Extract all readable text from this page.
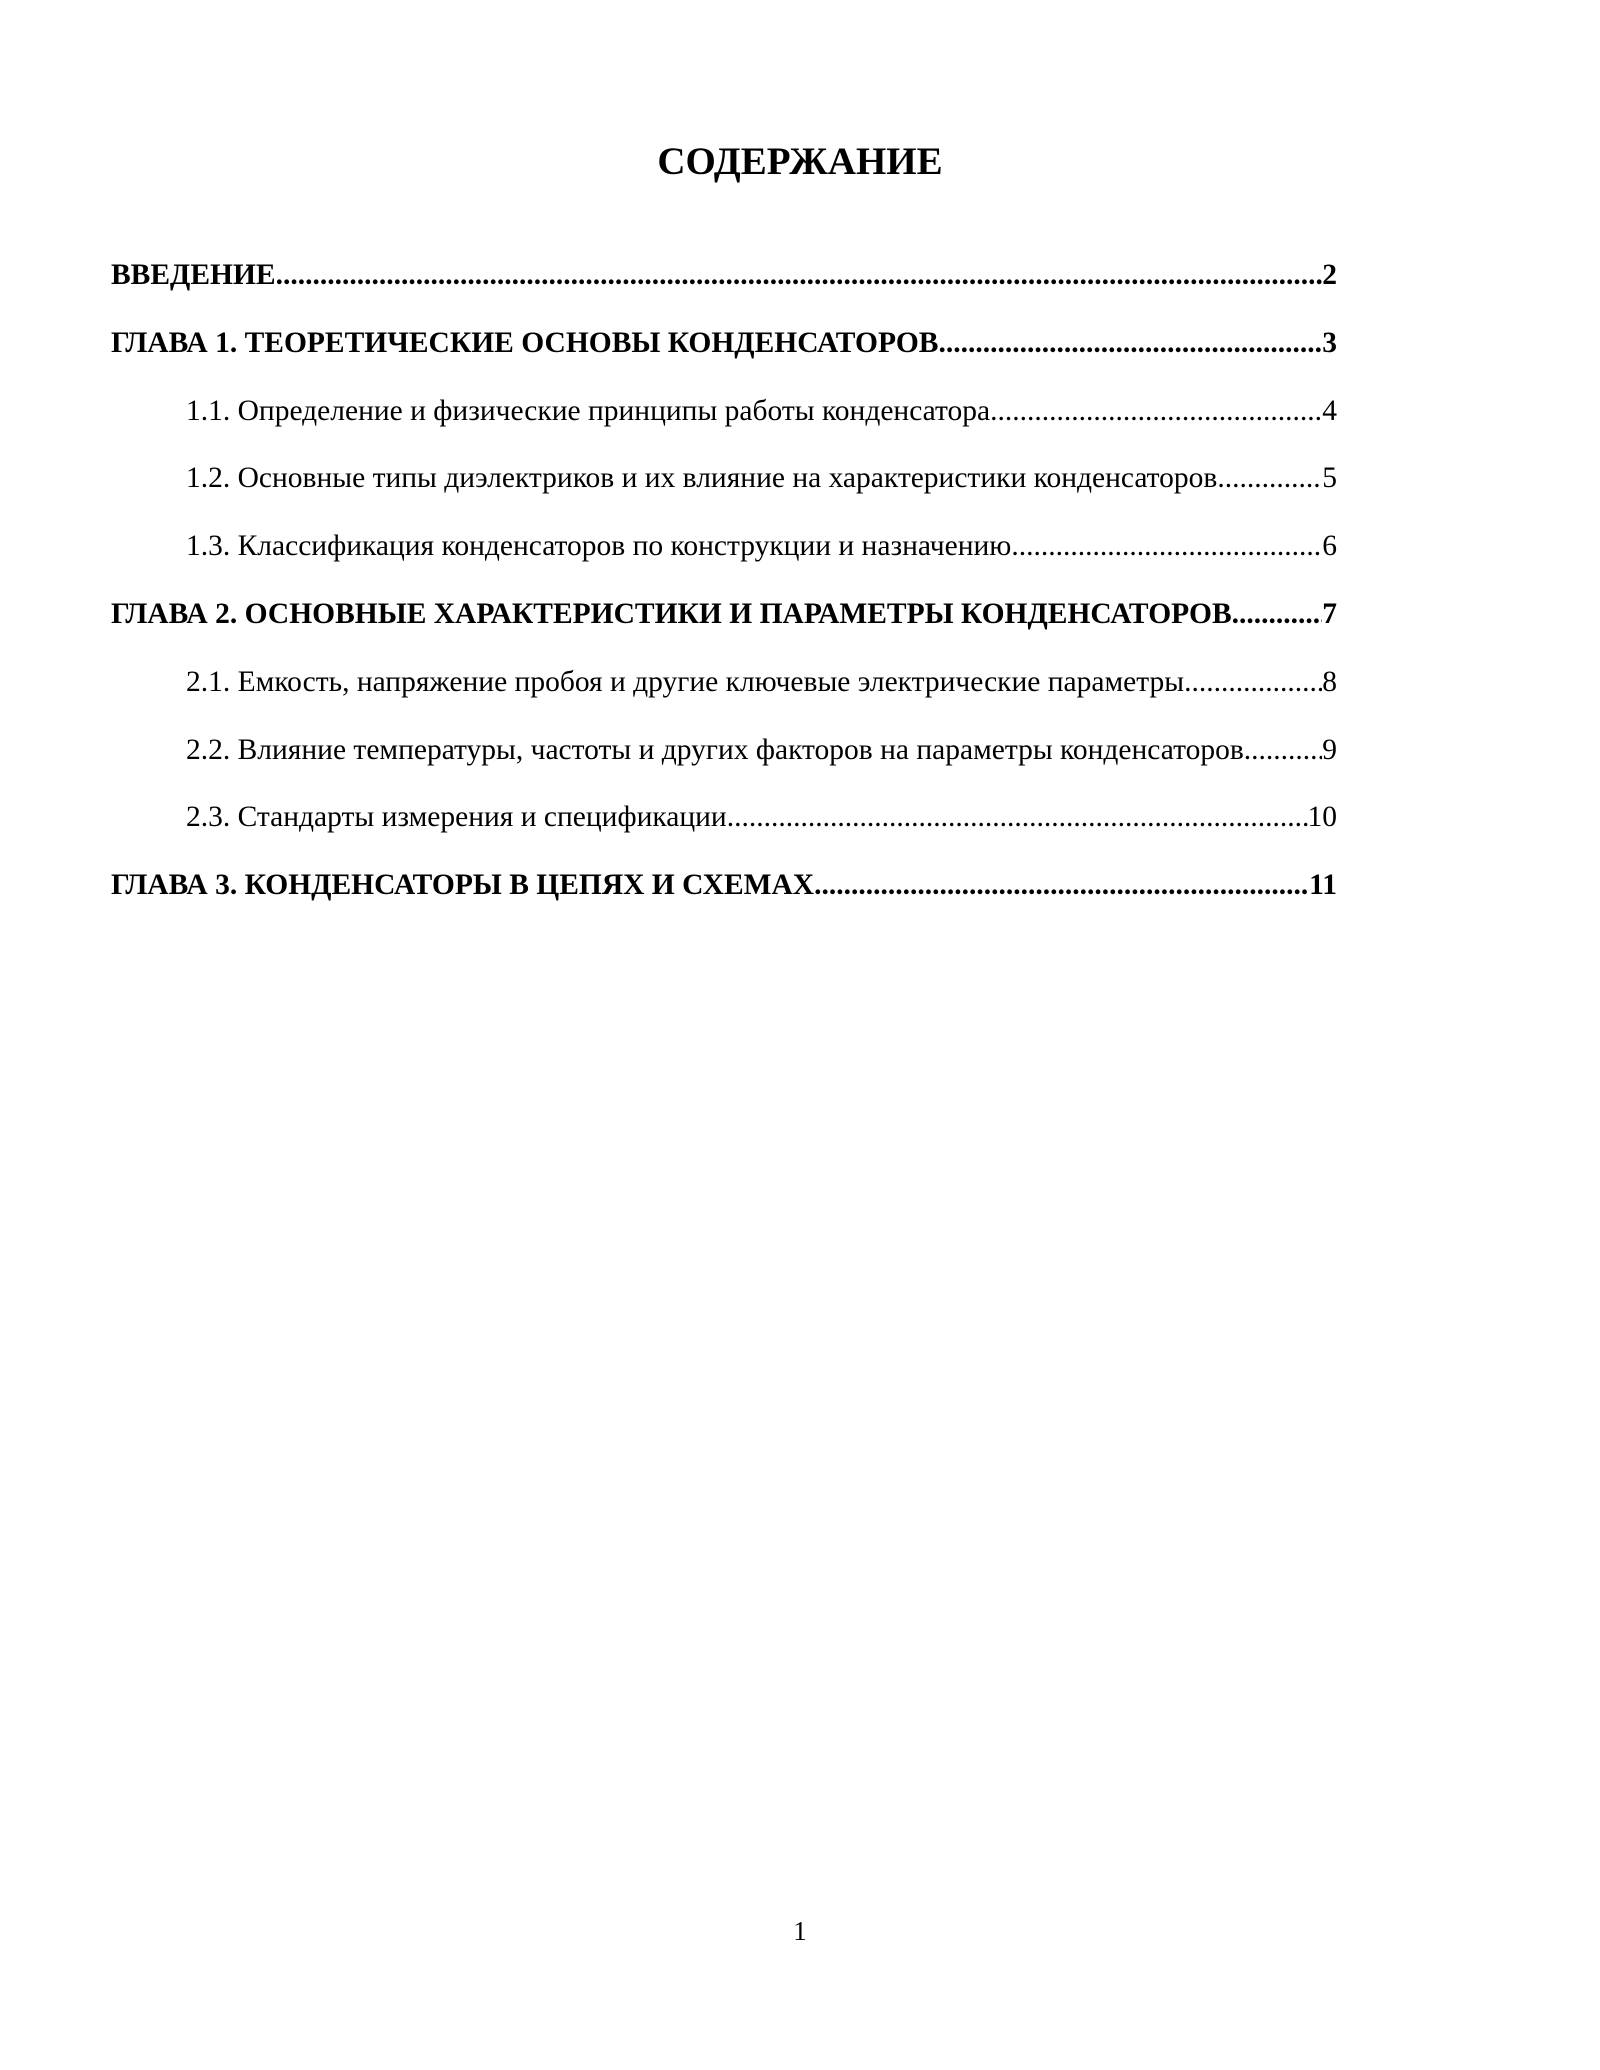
СОДЕРЖАНИЕ
ВВЕДЕНИЕ .....	2
ГЛАВА 1. ТЕОРЕТИЧЕСКИЕ ОСНОВЫ КОНДЕНСАТОРОВ .....	3
1.1. Определение и физические принципы работы конденсатора .....	4
1.2. Основные типы диэлектриков и их влияние на характеристики конденсаторов .....	5
1.3. Классификация конденсаторов по конструкции и назначению .....	6
ГЛАВА 2. ОСНОВНЫЕ ХАРАКТЕРИСТИКИ И ПАРАМЕТРЫ КОНДЕНСАТОРОВ .....	7
2.1. Емкость, напряжение пробоя и другие ключевые электрические параметры .....	8
2.2. Влияние температуры, частоты и других факторов на параметры конденсаторов .....	9
2.3. Стандарты измерения и спецификации .....	10
ГЛАВА 3. КОНДЕНСАТОРЫ В ЦЕПЯХ И СХЕМАХ .....	11
1
